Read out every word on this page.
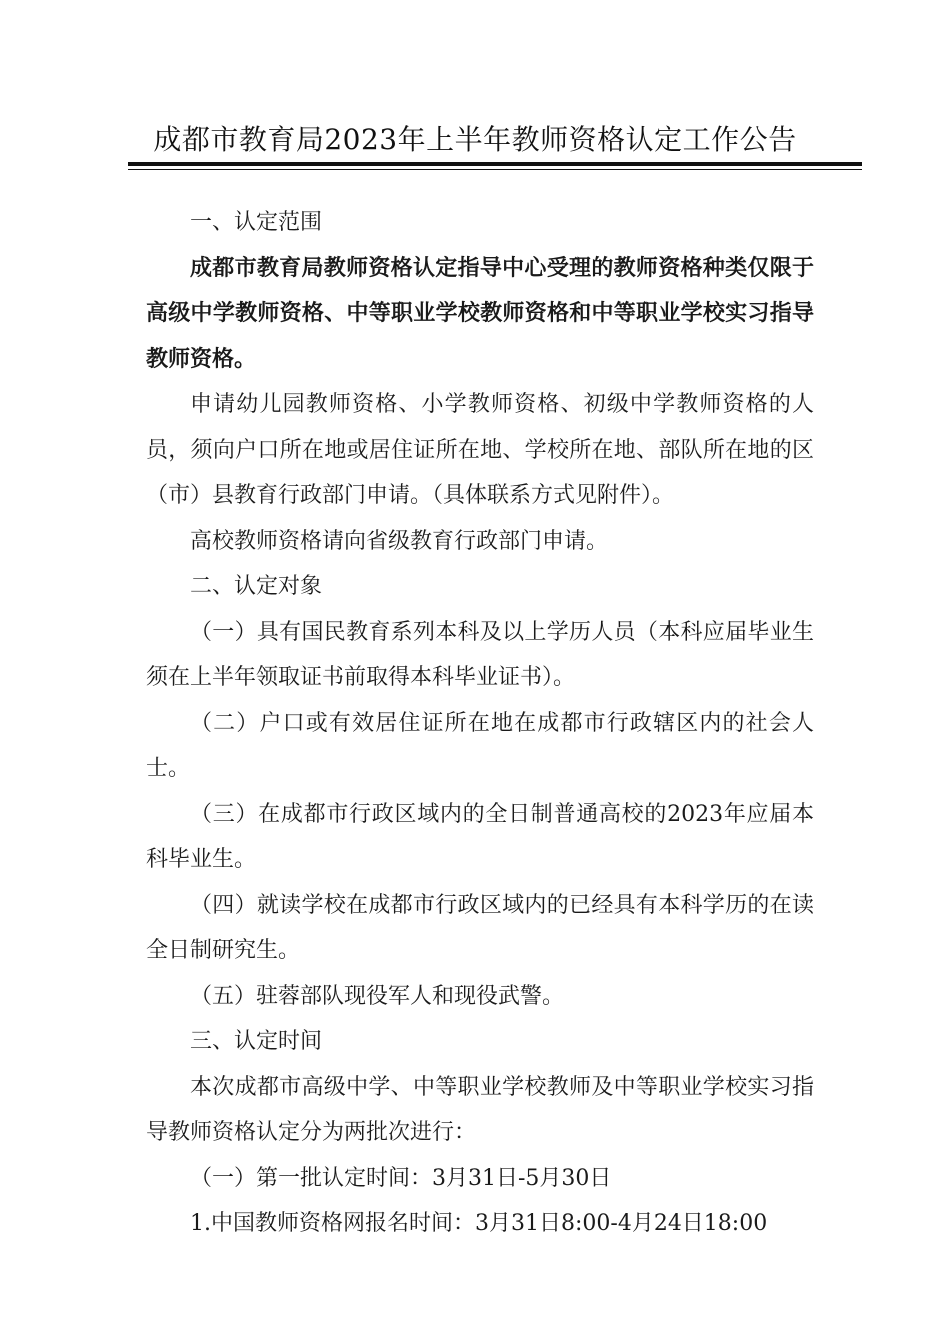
成都市教育局2023年上半年教师资格认定工作公告

一、认定范围

成都市教育局教师资格认定指导中心受理的教师资格种类仅限于高级中学教师资格、中等职业学校教师资格和中等职业学校实习指导教师资格。

申请幼儿园教师资格、小学教师资格、初级中学教师资格的人员，须向户口所在地或居住证所在地、学校所在地、部队所在地的区（市）县教育行政部门申请。（具体联系方式见附件）。

高校教师资格请向省级教育行政部门申请。

二、认定对象

（一）具有国民教育系列本科及以上学历人员（本科应届毕业生须在上半年领取证书前取得本科毕业证书）。

（二）户口或有效居住证所在地在成都市行政辖区内的社会人士。

（三）在成都市行政区域内的全日制普通高校的2023年应届本科毕业生。

（四）就读学校在成都市行政区域内的已经具有本科学历的在读全日制研究生。

（五）驻蓉部队现役军人和现役武警。

三、认定时间

本次成都市高级中学、中等职业学校教师及中等职业学校实习指导教师资格认定分为两批次进行：

（一）第一批认定时间：3月31日-5月30日

1.中国教师资格网报名时间：3月31日8:00-4月24日18:00
